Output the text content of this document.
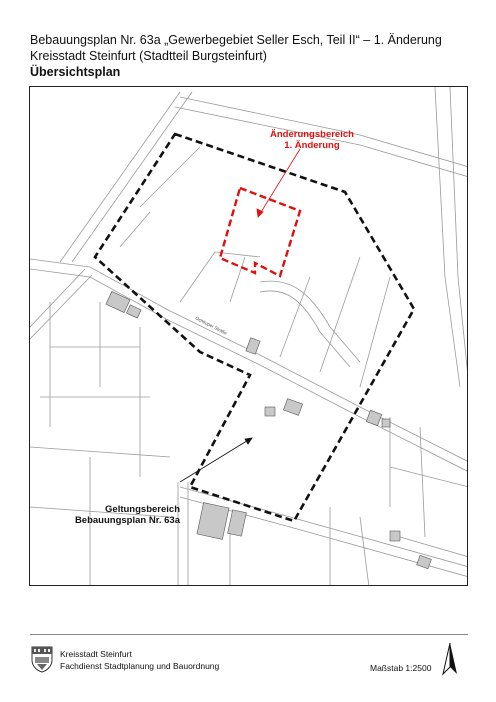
Bebauungsplan Nr. 63a „Gewerbegebiet Seller Esch, Teil II“ – 1. Änderung
Kreisstadt Steinfurt (Stadtteil Burgsteinfurt)
Übersichtsplan
Ochtruper Straße
Änderungsbereich
1. Änderung
Geltungsbereich
Bebauungsplan Nr. 63a
Kreisstadt Steinfurt
Fachdienst Stadtplanung und Bauordnung	Maßstab 1:2500
